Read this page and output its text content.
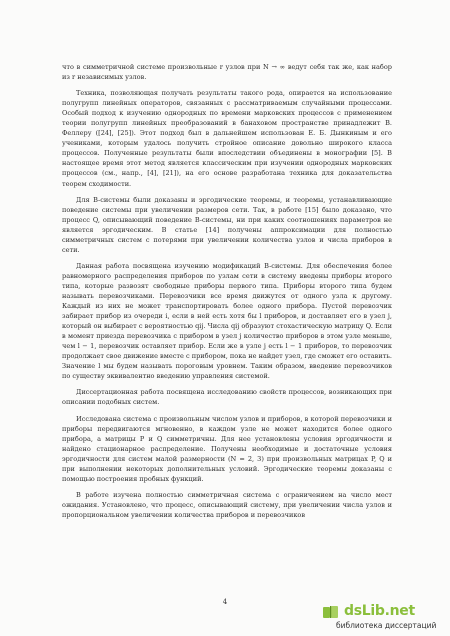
что в симметричной системе произвольные r узлов при N → ∞ ведут себя так же, как набор из r независимых узлов.

Техника, позволяющая получать результаты такого рода, опирается на использование полугрупп линейных операторов, связанных с рассматриваемым случайными процессами. Особый подход к изучению однородных по времени марковских процессов с применением теории полугрупп линейных преобразований в банаховом пространстве принадлежит В. Феллеру ([24], [25]). Этот подход был в дальнейшем использован Е. Б. Дынкиным и его учениками, которым удалось получить стройное описание довольно широкого класса процессов. Полученные результаты были впоследствии объединены в монографии [5]. В настоящее время этот метод является классическим при изучении однородных марковских процессов (см., напр., [4], [21]), на его основе разработана техника для доказательства теорем сходимости.

Для B-системы были доказаны и эргодические теоремы, и теоремы, устанавливающие поведение системы при увеличении размеров сети. Так, в работе [15] было доказано, что процесс Q, описывающий поведение B-системы, ни при каких соотношениях параметров не является эргодическим. В статье [14] получены аппроксимации для полностью симметричных систем с потерями при увеличении количества узлов и числа приборов в сети.

Данная работа посвящена изучению модификаций B-системы. Для обеспечения более равномерного распределения приборов по узлам сети в систему введены приборы второго типа, которые развозят свободные приборы первого типа. Приборы второго типа будем называть перевозчиками. Перевозчики все время движутся от одного узла к другому. Каждый из них не может транспортировать более одного прибора. Пустой перевозчик забирает прибор из очереди i, если в ней есть хотя бы l приборов, и доставляет его в узел j, который он выбирает с вероятностью qij. Числа qij образуют стохастическую матрицу Q. Если в момент приезда перевозчика с прибором в узел j количество приборов в этом узле меньше, чем l − 1, перевозчик оставляет прибор. Если же в узле j есть l − 1 приборов, то перевозчик продолжает свое движение вместе с прибором, пока не найдет узел, где сможет его оставить. Значение l мы будем называть пороговым уровнем. Таким образом, введение перевозчиков по существу эквивалентно введению управления системой.

Диссертационная работа посвящена исследованию свойств процессов, возникающих при описании подобных систем.

Исследована система с произвольным числом узлов и приборов, в которой перевозчики и приборы передвигаются мгновенно, в каждом узле не может находится более одного прибора, а матрицы P и Q симметричны. Для нее установлены условия эргодичности и найдено стационарное распределение. Получены необходимые и достаточные условия эргодичности для систем малой размерности (N = 2, 3) при произвольных матрицах P, Q и при выполнении некоторых дополнительных условий. Эргодические теоремы доказаны с помощью построения пробных функций.

В работе изучена полностью симметричная система с ограничением на число мест ожидания. Установлено, что процесс, описывающий систему, при увеличении числа узлов и пропорциональном увеличении количества приборов и перевозчиков

4
dsLib.net
библиотека диссертаций
